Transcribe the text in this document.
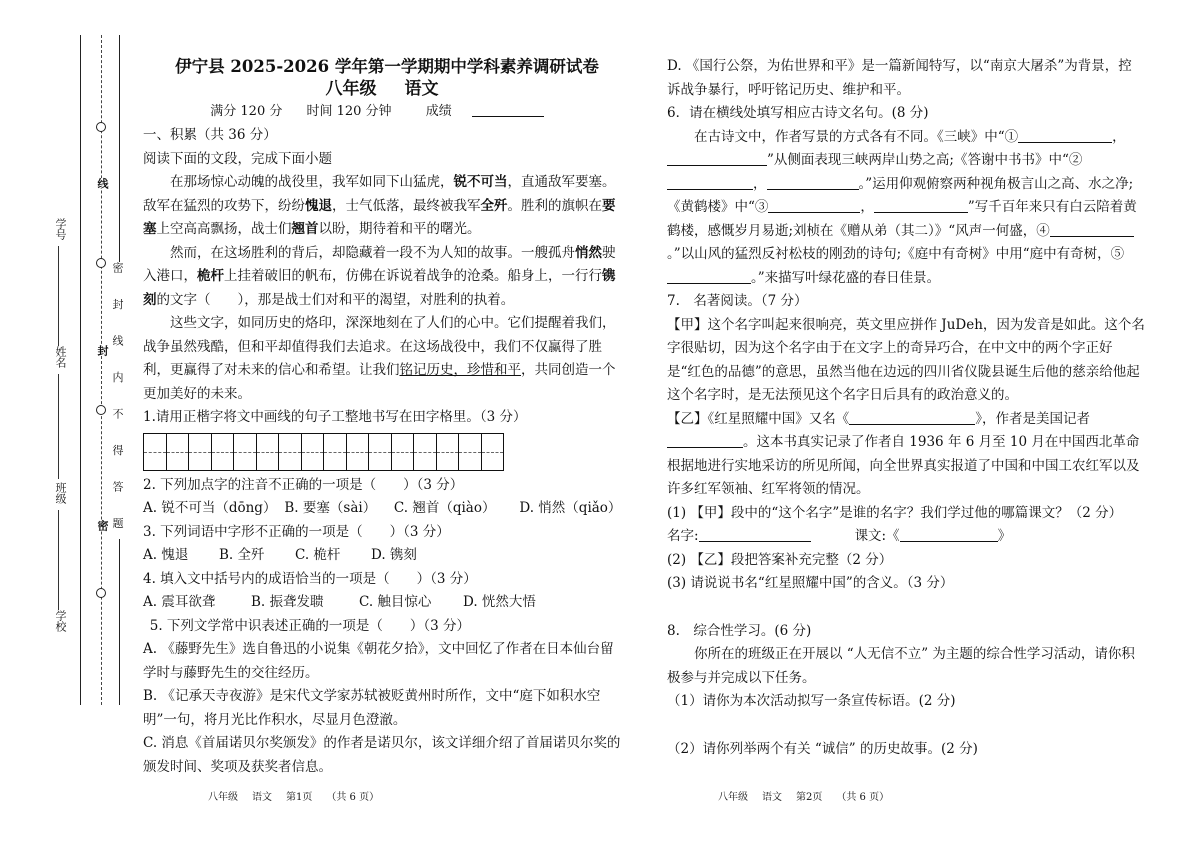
线
封
密 密 封 线 内 不 得 答 题
学号
姓名
班级
学校
伊宁县 2025-2026 学年第一学期期中学科素养调研试卷
八年级 语文
满分 120 分 时间 120 分钟	成绩

一、积累（共 36 分）

阅读下面的文段，完成下面小题

在那场惊心动魄的战役里，我军如同下山猛虎，锐不可当，直通敌军要塞。敌军在猛烈的攻势下，纷纷愧退，士气低落，最终被我军全歼。胜利的旗帜在要塞上空高高飘扬，战士们翘首以盼，期待着和平的曙光。

然而，在这场胜利的背后，却隐藏着一段不为人知的故事。一艘孤舟悄然驶入港口，桅杆上挂着破旧的帆布，仿佛在诉说着战争的沧桑。船身上，一行行镌刻的文字（　　），那是战士们对和平的渴望，对胜利的执着。

这些文字，如同历史的烙印，深深地刻在了人们的心中。它们提醒着我们，战争虽然残酷，但和平却值得我们去追求。在这场战役中，我们不仅赢得了胜利，更赢得了对未来的信心和希望。让我们铭记历史，珍惜和平，共同创造一个更加美好的未来。

1.请用正楷字将文中画线的句子工整地书写在田字格里。（3 分）

2. 下列加点字的注音不正确的一项是（　　）（3 分）

A. 锐不可当（dōng） B. 要塞（sài）	C. 翘首（qiào）	D. 悄然（qiǎo）

3. 下列词语中字形不正确的一项是（　　）（3 分）

A. 愧退	B. 全歼	C. 桅杆	D. 镌刻

4. 填入文中括号内的成语恰当的一项是（　　）（3 分）

A. 震耳欲聋	B. 振聋发聩	C. 触目惊心	D. 恍然大悟

5. 下列文学常中识表述正确的一项是（　　）（3 分）

A. 《藤野先生》选自鲁迅的小说集《朝花夕拾》，文中回忆了作者在日本仙台留学时与藤野先生的交往经历。

B. 《记承天寺夜游》是宋代文学家苏轼被贬黄州时所作，文中“庭下如积水空明”一句，将月光比作积水，尽显月色澄澈。

C. 消息《首届诺贝尔奖颁发》的作者是诺贝尔，该文详细介绍了首届诺贝尔奖的颁发时间、奖项及获奖者信息。

八年级 语文 第1页 （共 6 页）

D. 《国行公祭，为佑世界和平》是一篇新闻特写，以“南京大屠杀”为背景，控诉战争暴行，呼吁铭记历史、维护和平。

6．请在横线处填写相应古诗文名句。(8 分)

在古诗文中，作者写景的方式各有不同。《三峡》中“①	，”从侧面表现三峡两岸山势之高;《答谢中书书》中“②，	。”运用仰观俯察两种视角极言山之高、水之净;《黄鹤楼》中“③	，	”写千百年来只有白云陪着黄鹤楼，感慨岁月易逝;刘桢在《赠从弟（其二）》“风声一何盛，④。”以山风的猛烈反衬松枝的刚劲的诗句;《庭中有奇树》中用“庭中有奇树，⑤。”来描写叶绿花盛的春日佳景。

7.　名著阅读。（7 分）

【甲】这个名字叫起来很响亮，英文里应拼作 JuDeh，因为发音是如此。这个名字很贴切，因为这个名字由于在文字上的奇异巧合，在中文中的两个字正好是“红色的品德”的意思，虽然当他在边远的四川省仪陇县诞生后他的慈亲给他起这个名字时，是无法预见这个名字日后具有的政治意义的。

【乙】《红星照耀中国》又名《	》，作者是美国记者。这本书真实记录了作者自 1936 年 6 月至 10 月在中国西北革命根据地进行实地采访的所见所闻，向全世界真实报道了中国和中国工农红军以及许多红军领袖、红军将领的情况。

(1) 【甲】段中的“这个名字”是谁的名字？我们学过他的哪篇课文？（2 分）

名字:	课文:《	》

(2) 【乙】段把答案补充完整（2 分）

(3) 请说说书名“红星照耀中国”的含义。（3 分）

8.　综合性学习。(6 分)

你所在的班级正在开展以 “人无信不立” 为主题的综合性学习活动，请你积极参与并完成以下任务。

（1）请你为本次活动拟写一条宣传标语。(2 分)

（2）请你列举两个有关 “诚信” 的历史故事。(2 分)

八年级 语文 第2页 （共 6 页）
